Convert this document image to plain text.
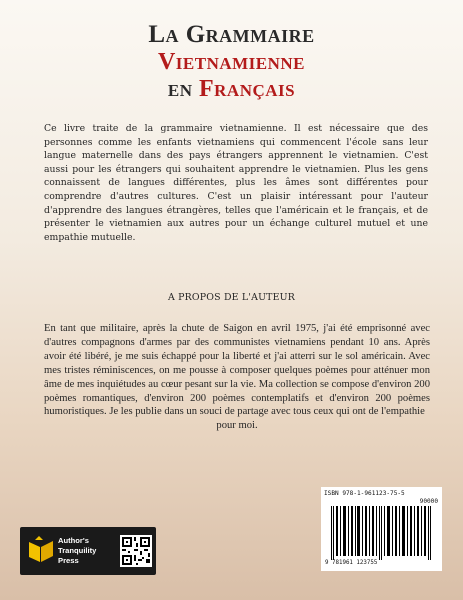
La Grammaire
Vietnamienne
en Français
Ce livre traite de la grammaire vietnamienne. Il est nécessaire que des personnes comme les enfants vietnamiens qui commencent l'école sans leur langue maternelle dans des pays étrangers apprennent le vietnamien. C'est aussi pour les étrangers qui souhaitent apprendre le vietnamien. Plus les gens connaissent de langues différentes, plus les âmes sont différentes pour comprendre d'autres cultures. C'est un plaisir intéressant pour l'auteur d'apprendre des langues étrangères, telles que l'américain et le français, et de présenter le vietnamien aux autres pour un échange culturel mutuel et une empathie mutuelle.
A PROPOS DE L'AUTEUR
En tant que militaire, après la chute de Saigon en avril 1975, j'ai été emprisonné avec d'autres compagnons d'armes par des communistes vietnamiens pendant 10 ans. Après avoir été libéré, je me suis échappé pour la liberté et j'ai atterri sur le sol américain. Avec mes tristes réminiscences, on me pousse à composer quelques poèmes pour atténuer mon âme de mes inquiétudes au cœur pesant sur la vie. Ma collection se compose d'environ 200 poèmes romantiques, d'environ 200 poèmes contemplatifs et d'environ 200 poèmes humoristiques. Je les publie dans un souci de partage avec tous ceux qui ont de l'empathie
pour moi.
Author's
Tranquility
Press
ISBN 978-1-961123-75-5
90000
9 781961 123755
